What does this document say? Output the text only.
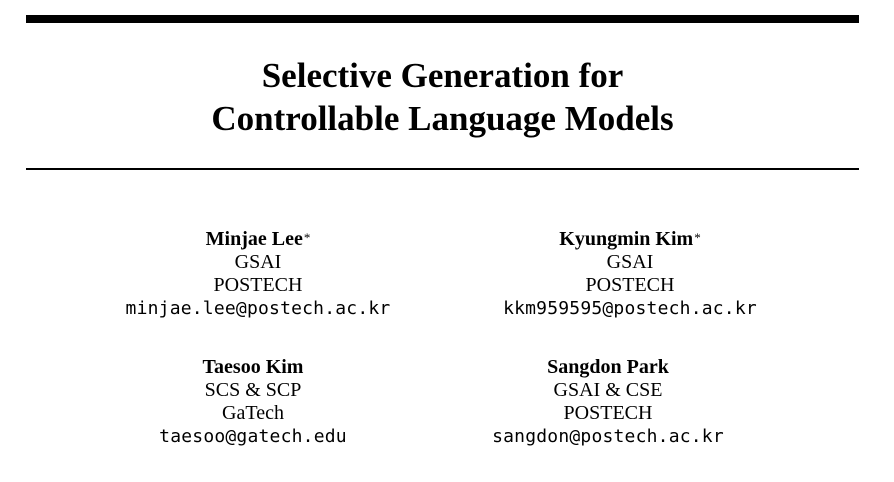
Selective Generation for
Controllable Language Models
Minjae Lee*
GSAI
POSTECH
minjae.lee@postech.ac.kr
Kyungmin Kim*
GSAI
POSTECH
kkm959595@postech.ac.kr
Taesoo Kim
SCS & SCP
GaTech
taesoo@gatech.edu
Sangdon Park
GSAI & CSE
POSTECH
sangdon@postech.ac.kr
